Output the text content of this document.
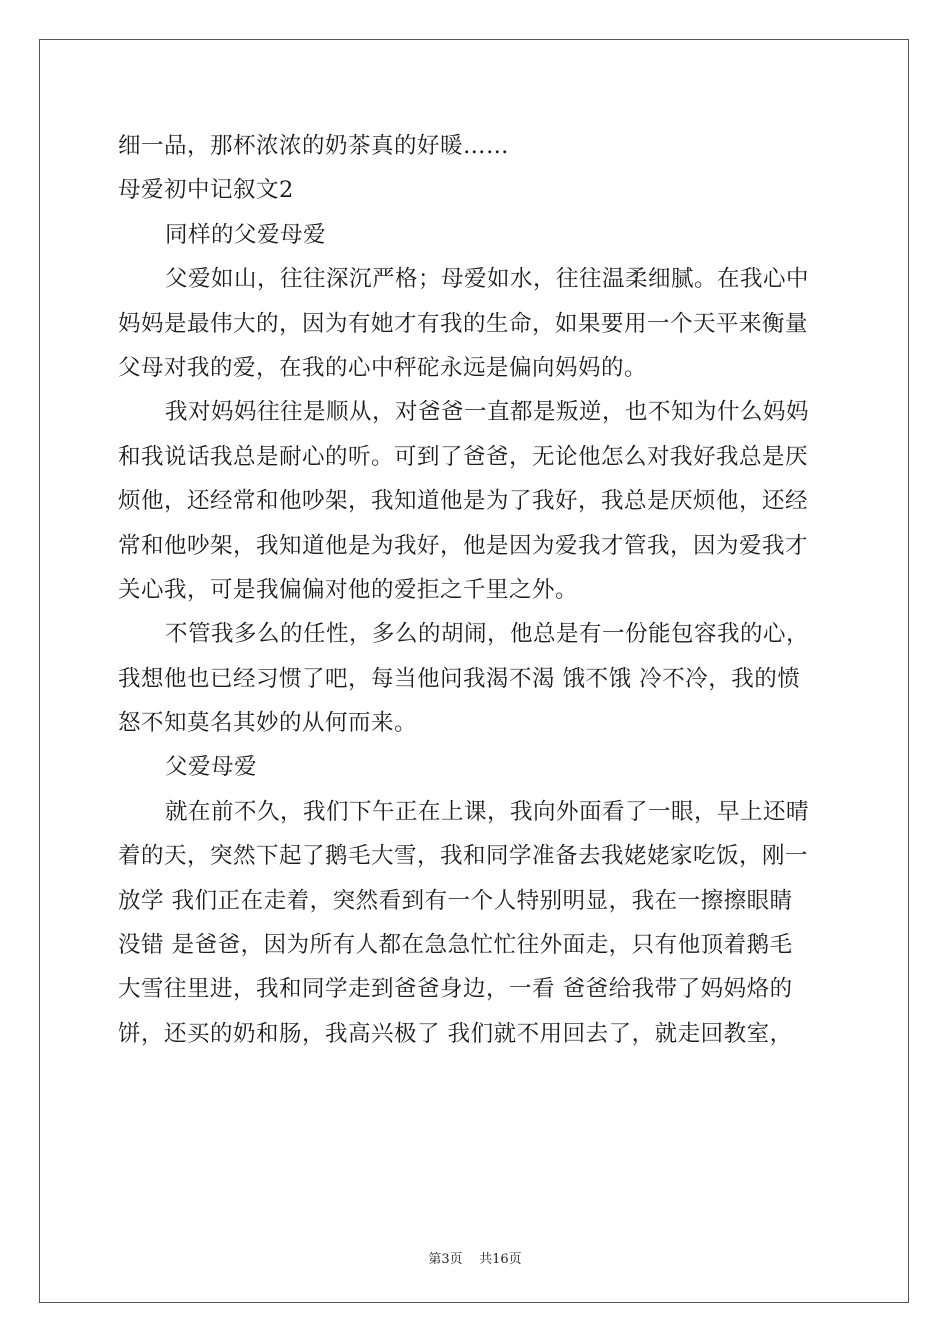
细一品，那杯浓浓的奶茶真的好暖……
母爱初中记叙文2
同样的父爱母爱
父爱如山，往往深沉严格；母爱如水，往往温柔细腻。在我心中
妈妈是最伟大的，因为有她才有我的生命，如果要用一个天平来衡量
父母对我的爱，在我的心中秤砣永远是偏向妈妈的。
我对妈妈往往是顺从，对爸爸一直都是叛逆，也不知为什么妈妈
和我说话我总是耐心的听。可到了爸爸，无论他怎么对我好我总是厌
烦他，还经常和他吵架，我知道他是为了我好，我总是厌烦他，还经
常和他吵架，我知道他是为我好，他是因为爱我才管我，因为爱我才
关心我，可是我偏偏对他的爱拒之千里之外。
不管我多么的任性，多么的胡闹，他总是有一份能包容我的心，
我想他也已经习惯了吧，每当他问我渴不渴 饿不饿 冷不冷，我的愤
怒不知莫名其妙的从何而来。
父爱母爱
就在前不久，我们下午正在上课，我向外面看了一眼，早上还晴
着的天，突然下起了鹅毛大雪，我和同学准备去我姥姥家吃饭，刚一
放学 我们正在走着，突然看到有一个人特别明显，我在一擦擦眼睛
没错 是爸爸，因为所有人都在急急忙忙往外面走，只有他顶着鹅毛
大雪往里进，我和同学走到爸爸身边，一看 爸爸给我带了妈妈烙的
饼，还买的奶和肠，我高兴极了 我们就不用回去了，就走回教室，
第3页 共16页
